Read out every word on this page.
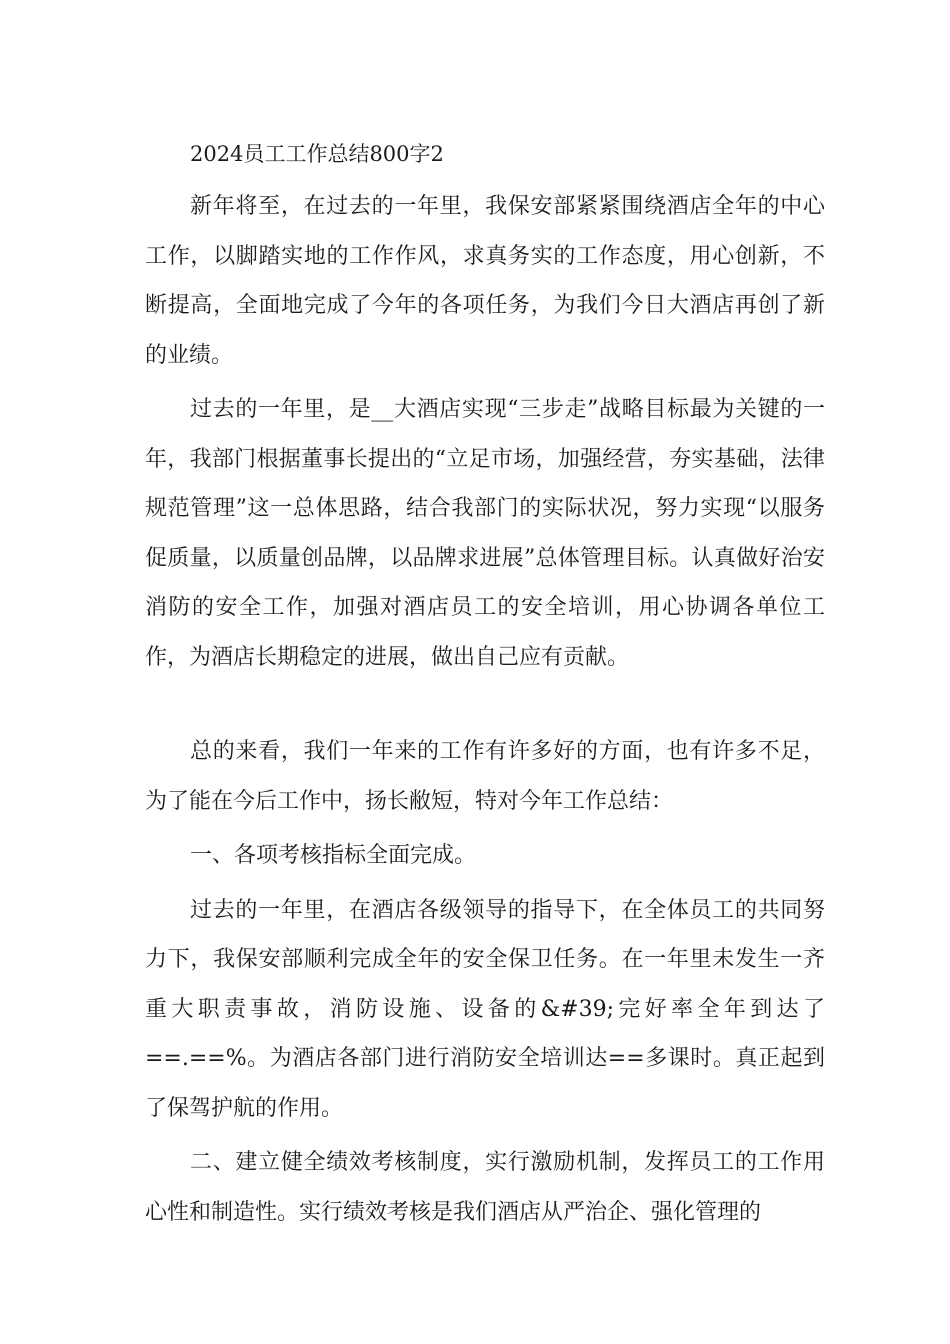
2024员工工作总结800字2

新年将至，在过去的一年里，我保安部紧紧围绕酒店全年的中心工作，以脚踏实地的工作作风，求真务实的工作态度，用心创新，不断提高，全面地完成了今年的各项任务，为我们今日大酒店再创了新的业绩。

过去的一年里，是__大酒店实现“三步走”战略目标最为关键的一年，我部门根据董事长提出的“立足市场，加强经营，夯实基础，法律规范管理”这一总体思路，结合我部门的实际状况，努力实现“以服务促质量，以质量创品牌，以品牌求进展”总体管理目标。认真做好治安消防的安全工作，加强对酒店员工的安全培训，用心协调各单位工作，为酒店长期稳定的进展，做出自己应有贡献。

总的来看，我们一年来的工作有许多好的方面，也有许多不足，为了能在今后工作中，扬长敝短，特对今年工作总结：

一、各项考核指标全面完成。

过去的一年里，在酒店各级领导的指导下，在全体员工的共同努力下，我保安部顺利完成全年的安全保卫任务。在一年里未发生一齐重大职责事故，消防设施、设备的&#39;完好率全年到达了==.==%。为酒店各部门进行消防安全培训达==多课时。真正起到了保驾护航的作用。

二、建立健全绩效考核制度，实行激励机制，发挥员工的工作用心性和制造性。实行绩效考核是我们酒店从严治企、强化管理的
